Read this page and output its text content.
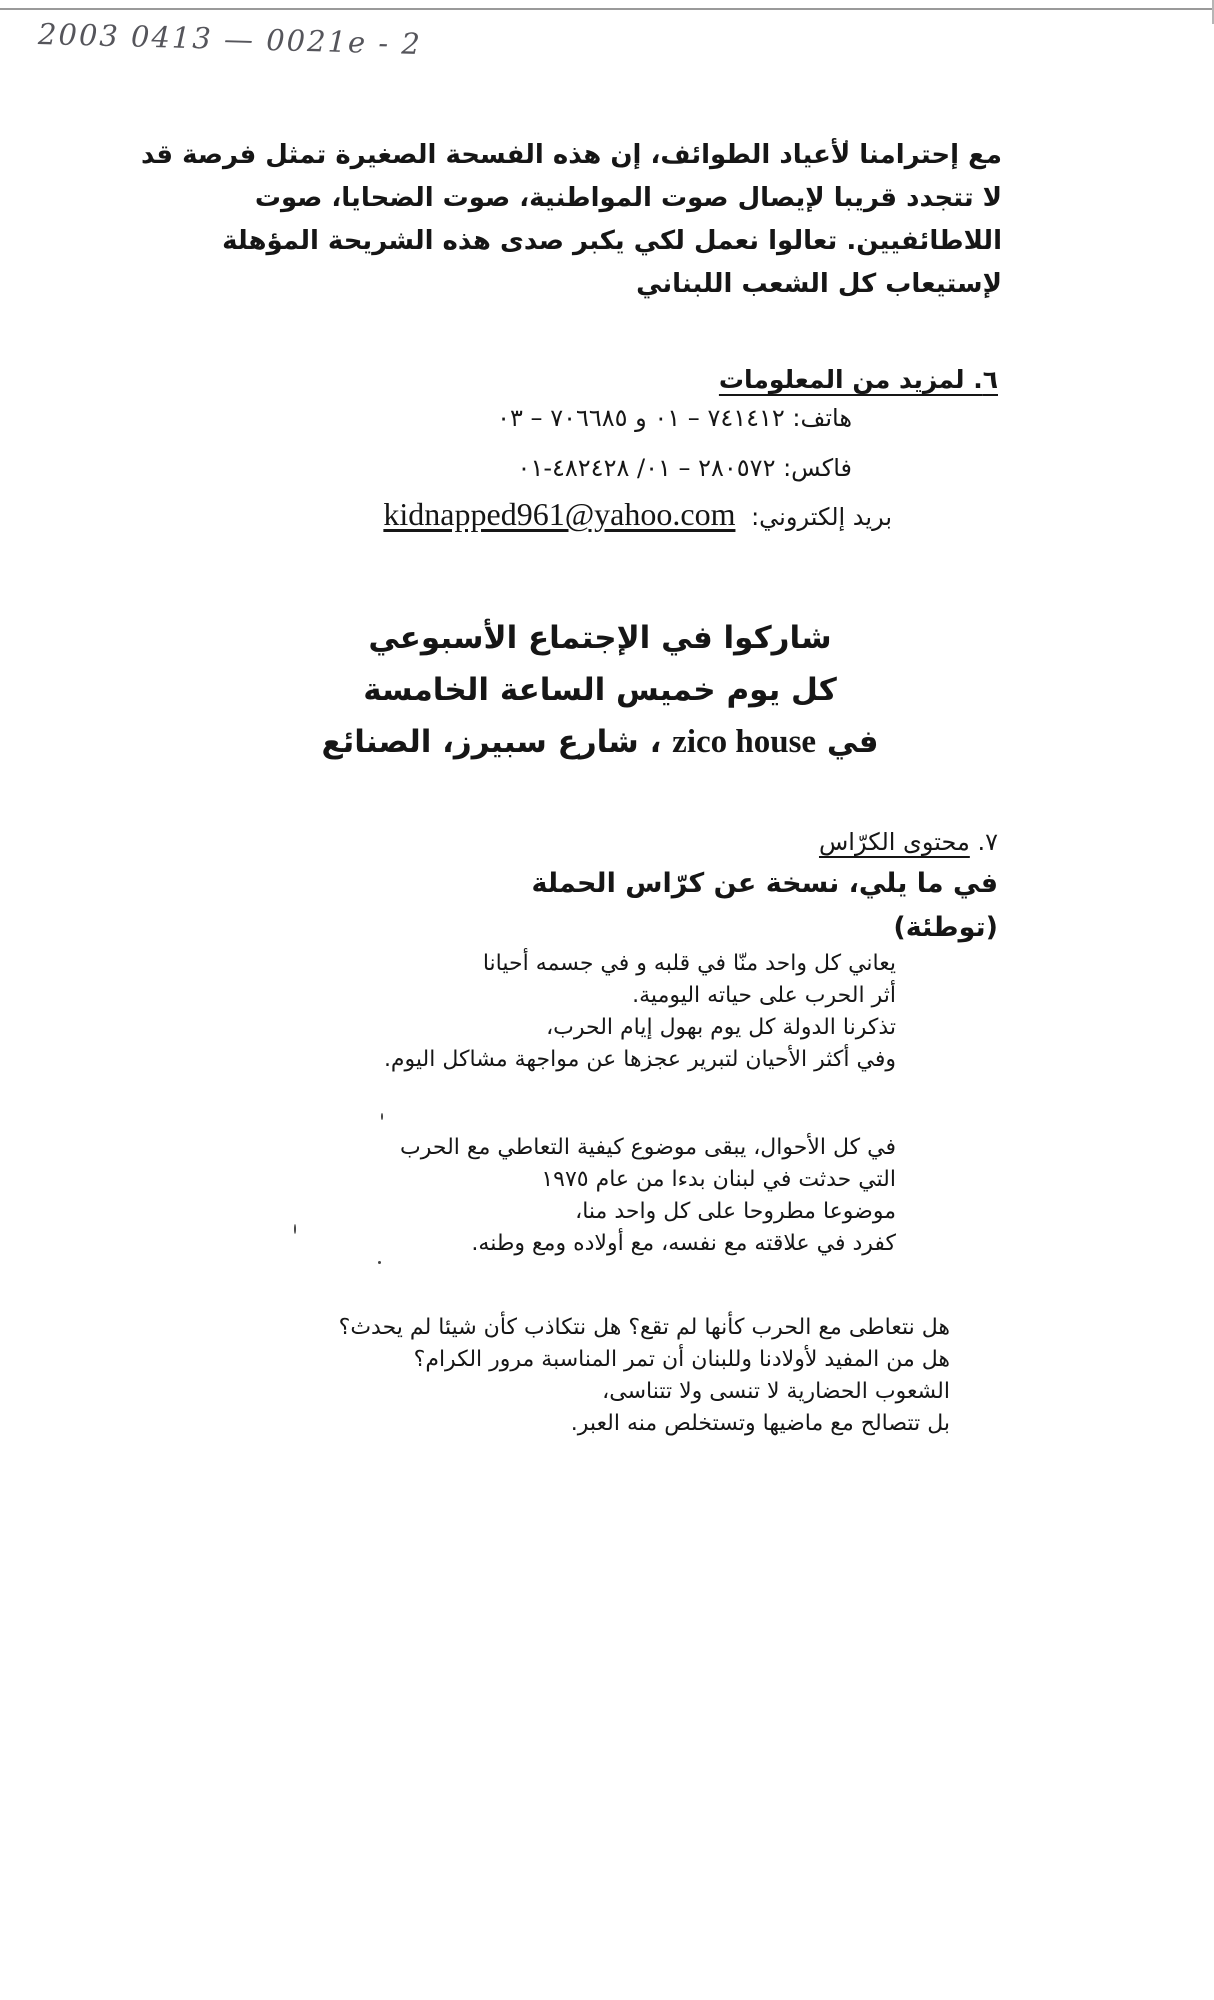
2003 0413 — 0021e - 2
مع إحترامنا لأعياد الطوائف، إن هذه الفسحة الصغيرة تمثل فرصة قد
لا تتجدد قريبا لإيصال صوت المواطنية، صوت الضحايا، صوت
اللاطائفيين. تعالوا نعمل لكي يكبر صدى هذه الشريحة المؤهلة
لإستيعاب كل الشعب اللبناني
٦. لمزيد من المعلومات
هاتف: ٧٤١٤١٢ – ٠١ و ٧٠٦٦٨٥ – ٠٣
فاكس: ٢٨٠٥٧٢ – ٠١/ ٤٨٢٤٢٨-٠١
بريد إلكتروني: kidnapped961@yahoo.com
شاركوا في الإجتماع الأسبوعي
كل يوم خميس الساعة الخامسة
في zico house ، شارع سبيرز، الصنائع
٧. محتوى الكرّاس
في ما يلي، نسخة عن كرّاس الحملة
(توطئة)
يعاني كل واحد منّا في قلبه و في جسمه أحيانا
أثر الحرب على حياته اليومية.
تذكرنا الدولة كل يوم بهول إيام الحرب،
وفي أكثر الأحيان لتبرير عجزها عن مواجهة مشاكل اليوم.
في كل الأحوال، يبقى موضوع كيفية التعاطي مع الحرب
التي حدثت في لبنان بدءا من عام ١٩٧٥
موضوعا مطروحا على كل واحد منا،
كفرد في علاقته مع نفسه، مع أولاده ومع وطنه.
هل نتعاطى مع الحرب كأنها لم تقع؟ هل نتكاذب كأن شيئا لم يحدث؟
هل من المفيد لأولادنا وللبنان أن تمر المناسبة مرور الكرام؟
الشعوب الحضارية لا تنسى ولا تتناسى،
بل تتصالح مع ماضيها وتستخلص منه العبر.
